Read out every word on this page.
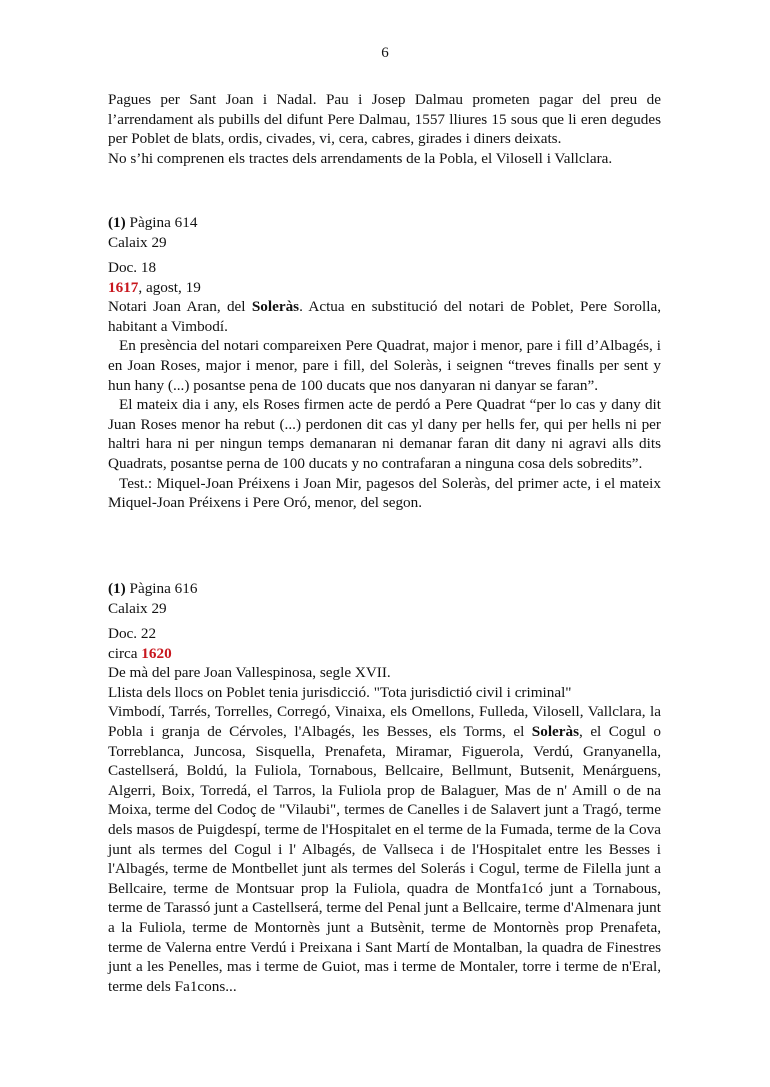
6

Pagues per Sant Joan i Nadal. Pau i Josep Dalmau prometen pagar del preu de l’arrendament als pubills del difunt Pere Dalmau, 1557 lliures 15 sous que li eren degudes per Poblet de blats, ordis, civades, vi, cera, cabres, girades i diners deixats.

No s’hi comprenen els tractes dels arrendaments de la Pobla, el Vilosell i Vallclara.

(1) Pàgina 614

Calaix 29

Doc. 18

1617, agost, 19

Notari Joan Aran, del Soleràs. Actua en substitució del notari de Poblet, Pere Sorolla, habitant a Vimbodí.

En presència del notari compareixen Pere Quadrat, major i menor, pare i fill d’Albagés, i en Joan Roses, major i menor, pare i fill, del Soleràs, i seignen “treves finalls per sent y hun hany (...) posantse pena de 100 ducats que nos danyaran ni danyar se faran”.

El mateix dia i any, els Roses firmen acte de perdó a Pere Quadrat “per lo cas y dany dit Juan Roses menor ha rebut (...) perdonen dit cas yl dany per hells fer, qui per hells ni per haltri hara ni per ningun temps demanaran ni demanar faran dit dany ni agravi alls dits Quadrats, posantse perna de 100 ducats y no contrafaran a ninguna cosa dels sobredits”.

Test.: Miquel-Joan Préixens i Joan Mir, pagesos del Soleràs, del primer acte, i el mateix Miquel-Joan Préixens i Pere Oró, menor, del segon.

(1) Pàgina 616

Calaix 29

Doc. 22

circa 1620

De mà del pare Joan Vallespinosa, segle XVII.

Llista dels llocs on Poblet tenia jurisdicció. "Tota jurisdictió civil i criminal"

Vimbodí, Tarrés, Torrelles, Corregó, Vinaixa, els Omellons, Fulleda, Vilosell, Vallclara, la Pobla i granja de Cérvoles, l'Albagés, les Besses, els Torms, el Soleràs, el Cogul o Torreblanca, Juncosa, Sisquella, Prenafeta, Miramar, Figuerola, Verdú, Granyanella, Castellserá, Boldú, la Fuliola, Tornabous, Bellcaire, Bellmunt, Butsenit, Menárguens, Algerri, Boix, Torredá, el Tarros, la Fuliola prop de Balaguer, Mas de n' Amill o de na Moixa, terme del Codoç de "Vilaubi", termes de Canelles i de Salavert junt a Tragó, terme dels masos de Puigdespí, terme de l'Hospitalet en el terme de la Fumada, terme de la Cova junt als termes del Cogul i l' Albagés, de Vallseca i de l'Hospitalet entre les Besses i l'Albagés, terme de Montbellet junt als termes del Solerás i Cogul, terme de Filella junt a Bellcaire, terme de Montsuar prop la Fuliola, quadra de Montfa1có junt a Tornabous, terme de Tarassó junt a Castellserá, terme del Penal junt a Bellcaire, terme d'Almenara junt a la Fuliola, terme de Montornès junt a Butsènit, terme de Montornès prop Prenafeta, terme de Valerna entre Verdú i Preixana i Sant Martí de Montalban, la quadra de Finestres junt a les Penelles, mas i terme de Guiot, mas i terme de Montaler, torre i terme de n'Eral, terme dels Fa1cons...
